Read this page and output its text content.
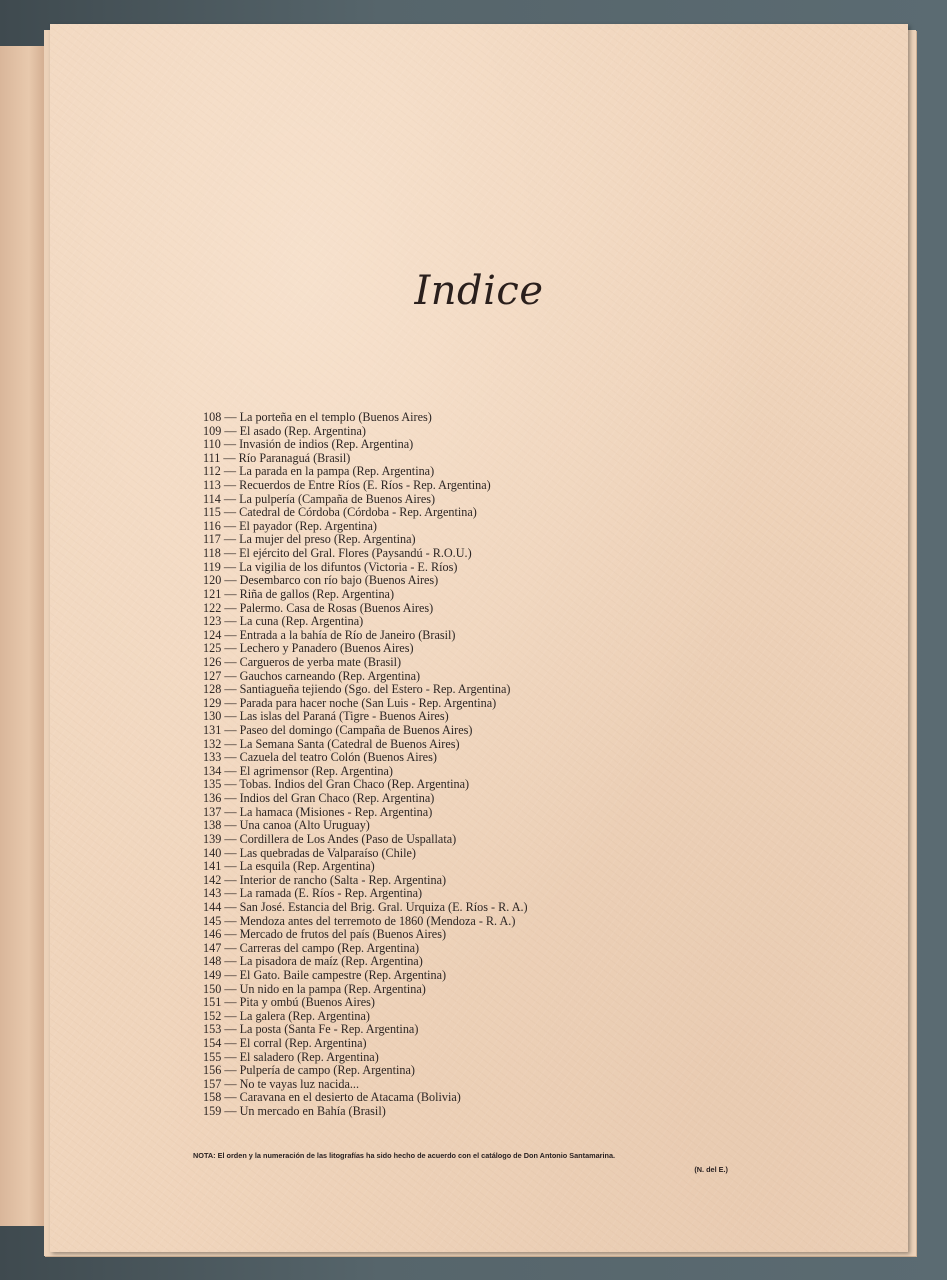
Indice
108 — La porteña en el templo (Buenos Aires)
109 — El asado (Rep. Argentina)
110 — Invasión de indios (Rep. Argentina)
111 — Río Paranaguá (Brasil)
112 — La parada en la pampa (Rep. Argentina)
113 — Recuerdos de Entre Ríos (E. Ríos - Rep. Argentina)
114 — La pulpería (Campaña de Buenos Aires)
115 — Catedral de Córdoba (Córdoba - Rep. Argentina)
116 — El payador (Rep. Argentina)
117 — La mujer del preso (Rep. Argentina)
118 — El ejército del Gral. Flores (Paysandú - R.O.U.)
119 — La vigilia de los difuntos (Victoria - E. Ríos)
120 — Desembarco con río bajo (Buenos Aires)
121 — Riña de gallos (Rep. Argentina)
122 — Palermo. Casa de Rosas (Buenos Aires)
123 — La cuna (Rep. Argentina)
124 — Entrada a la bahía de Río de Janeiro (Brasil)
125 — Lechero y Panadero (Buenos Aires)
126 — Cargueros de yerba mate (Brasil)
127 — Gauchos carneando (Rep. Argentina)
128 — Santiagueña tejiendo (Sgo. del Estero - Rep. Argentina)
129 — Parada para hacer noche (San Luis - Rep. Argentina)
130 — Las islas del Paraná (Tigre - Buenos Aires)
131 — Paseo del domingo (Campaña de Buenos Aires)
132 — La Semana Santa (Catedral de Buenos Aires)
133 — Cazuela del teatro Colón (Buenos Aires)
134 — El agrimensor (Rep. Argentina)
135 — Tobas. Indios del Gran Chaco (Rep. Argentina)
136 — Indios del Gran Chaco (Rep. Argentina)
137 — La hamaca (Misiones - Rep. Argentina)
138 — Una canoa (Alto Uruguay)
139 — Cordillera de Los Andes (Paso de Uspallata)
140 — Las quebradas de Valparaíso (Chile)
141 — La esquila (Rep. Argentina)
142 — Interior de rancho (Salta - Rep. Argentina)
143 — La ramada (E. Ríos - Rep. Argentina)
144 — San José. Estancia del Brig. Gral. Urquiza (E. Ríos - R. A.)
145 — Mendoza antes del terremoto de 1860 (Mendoza - R. A.)
146 — Mercado de frutos del país (Buenos Aires)
147 — Carreras del campo (Rep. Argentina)
148 — La pisadora de maíz (Rep. Argentina)
149 — El Gato. Baile campestre (Rep. Argentina)
150 — Un nido en la pampa (Rep. Argentina)
151 — Pita y ombú (Buenos Aires)
152 — La galera (Rep. Argentina)
153 — La posta (Santa Fe - Rep. Argentina)
154 — El corral (Rep. Argentina)
155 — El saladero (Rep. Argentina)
156 — Pulpería de campo (Rep. Argentina)
157 — No te vayas luz nacida...
158 — Caravana en el desierto de Atacama (Bolivia)
159 — Un mercado en Bahía (Brasil)
NOTA: El orden y la numeración de las litografías ha sido hecho de acuerdo con el catálogo de Don Antonio Santamarina.
(N. del E.)
